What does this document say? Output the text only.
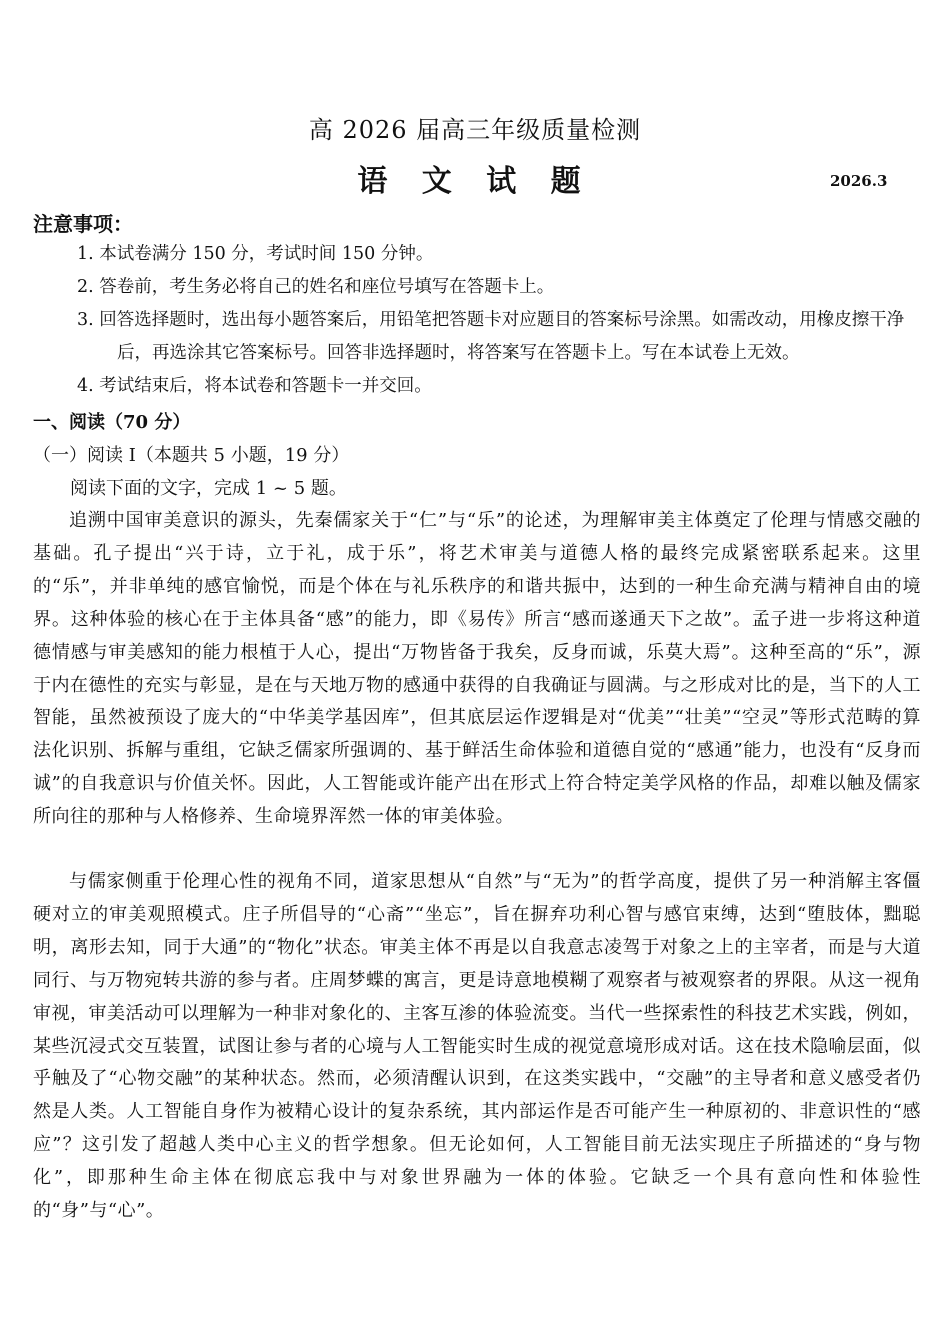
高 2026 届高三年级质量检测
语 文 试 题	2026.3
注意事项：
1. 本试卷满分 150 分，考试时间 150 分钟。
2. 答卷前，考生务必将自己的姓名和座位号填写在答题卡上。
3. 回答选择题时，选出每小题答案后，用铅笔把答题卡对应题目的答案标号涂黑。如需改动，用橡皮擦干净后，再选涂其它答案标号。回答非选择题时，将答案写在答题卡上。写在本试卷上无效。
4. 考试结束后，将本试卷和答题卡一并交回。
一、阅读（70 分）
（一）阅读 I（本题共 5 小题，19 分）
阅读下面的文字，完成 1 ~ 5 题。
追溯中国审美意识的源头，先秦儒家关于“仁”与“乐”的论述，为理解审美主体奠定了伦理与情感交融的基础。孔子提出“兴于诗，立于礼，成于乐”，将艺术审美与道德人格的最终完成紧密联系起来。这里的“乐”，并非单纯的感官愉悦，而是个体在与礼乐秩序的和谐共振中，达到的一种生命充满与精神自由的境界。这种体验的核心在于主体具备“感”的能力，即《易传》所言“感而遂通天下之故”。孟子进一步将这种道德情感与审美感知的能力根植于人心，提出“万物皆备于我矣，反身而诚，乐莫大焉”。这种至高的“乐”，源于内在德性的充实与彰显，是在与天地万物的感通中获得的自我确证与圆满。与之形成对比的是，当下的人工智能，虽然被预设了庞大的“中华美学基因库”，但其底层运作逻辑是对“优美”“壮美”“空灵”等形式范畴的算法化识别、拆解与重组，它缺乏儒家所强调的、基于鲜活生命体验和道德自觉的“感通”能力，也没有“反身而诚”的自我意识与价值关怀。因此，人工智能或许能产出在形式上符合特定美学风格的作品，却难以触及儒家所向往的那种与人格修养、生命境界浑然一体的审美体验。
与儒家侧重于伦理心性的视角不同，道家思想从“自然”与“无为”的哲学高度，提供了另一种消解主客僵硬对立的审美观照模式。庄子所倡导的“心斋”“坐忘”，旨在摒弃功利心智与感官束缚，达到“堕肢体，黜聪明，离形去知，同于大通”的“物化”状态。审美主体不再是以自我意志凌驾于对象之上的主宰者，而是与大道同行、与万物宛转共游的参与者。庄周梦蝶的寓言，更是诗意地模糊了观察者与被观察者的界限。从这一视角审视，审美活动可以理解为一种非对象化的、主客互渗的体验流变。当代一些探索性的科技艺术实践，例如，某些沉浸式交互装置，试图让参与者的心境与人工智能实时生成的视觉意境形成对话。这在技术隐喻层面，似乎触及了“心物交融”的某种状态。然而，必须清醒认识到，在这类实践中，“交融”的主导者和意义感受者仍然是人类。人工智能自身作为被精心设计的复杂系统，其内部运作是否可能产生一种原初的、非意识性的“感应”？这引发了超越人类中心主义的哲学想象。但无论如何，人工智能目前无法实现庄子所描述的“身与物化”，即那种生命主体在彻底忘我中与对象世界融为一体的体验。它缺乏一个具有意向性和体验性的“身”与“心”。
